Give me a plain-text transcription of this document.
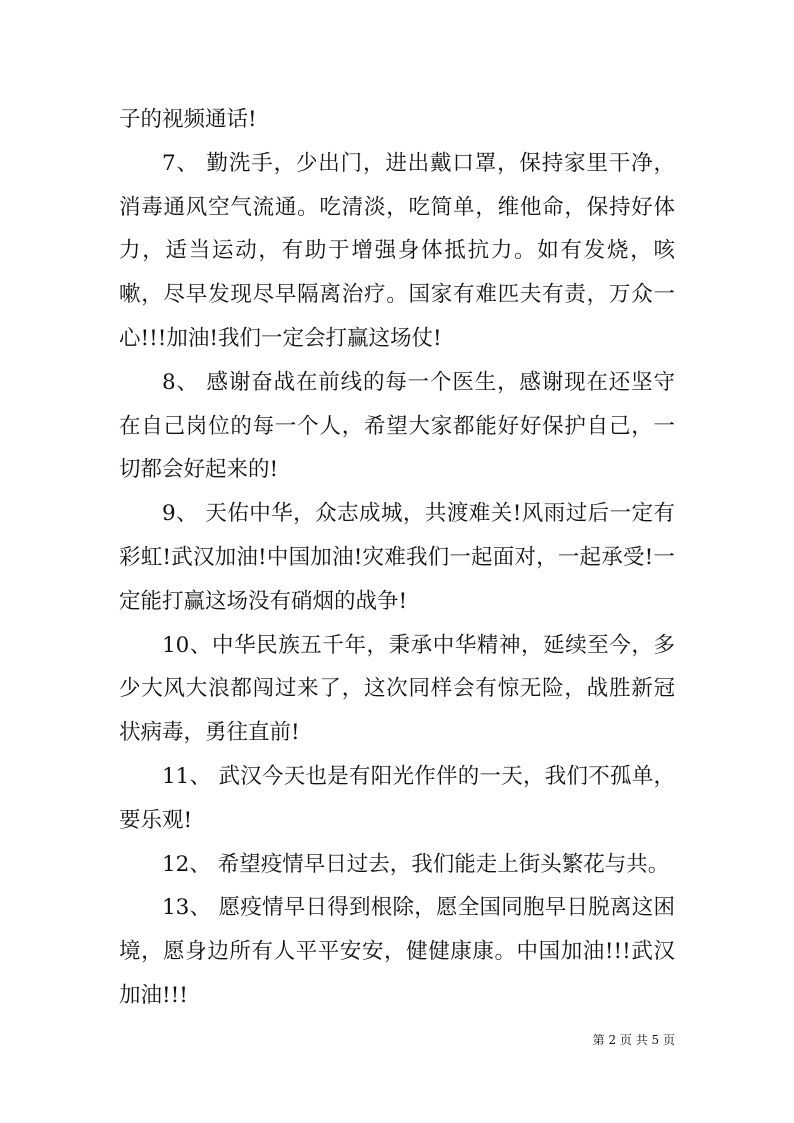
子的视频通话!

7、 勤洗手，少出门，进出戴口罩，保持家里干净，消毒通风空气流通。吃清淡，吃简单，维他命，保持好体力，适当运动，有助于增强身体抵抗力。如有发烧，咳嗽，尽早发现尽早隔离治疗。国家有难匹夫有责，万众一心!!!加油!我们一定会打赢这场仗!

8、 感谢奋战在前线的每一个医生，感谢现在还坚守在自己岗位的每一个人，希望大家都能好好保护自己，一切都会好起来的!

9、 天佑中华，众志成城，共渡难关!风雨过后一定有彩虹!武汉加油!中国加油!灾难我们一起面对，一起承受!一定能打赢这场没有硝烟的战争!

10、中华民族五千年，秉承中华精神，延续至今，多少大风大浪都闯过来了，这次同样会有惊无险，战胜新冠状病毒，勇往直前!

11、 武汉今天也是有阳光作伴的一天，我们不孤单，要乐观!

12、 希望疫情早日过去，我们能走上街头繁花与共。

13、 愿疫情早日得到根除，愿全国同胞早日脱离这困境，愿身边所有人平平安安，健健康康。中国加油!!!武汉加油!!!

第 2 页 共 5 页
